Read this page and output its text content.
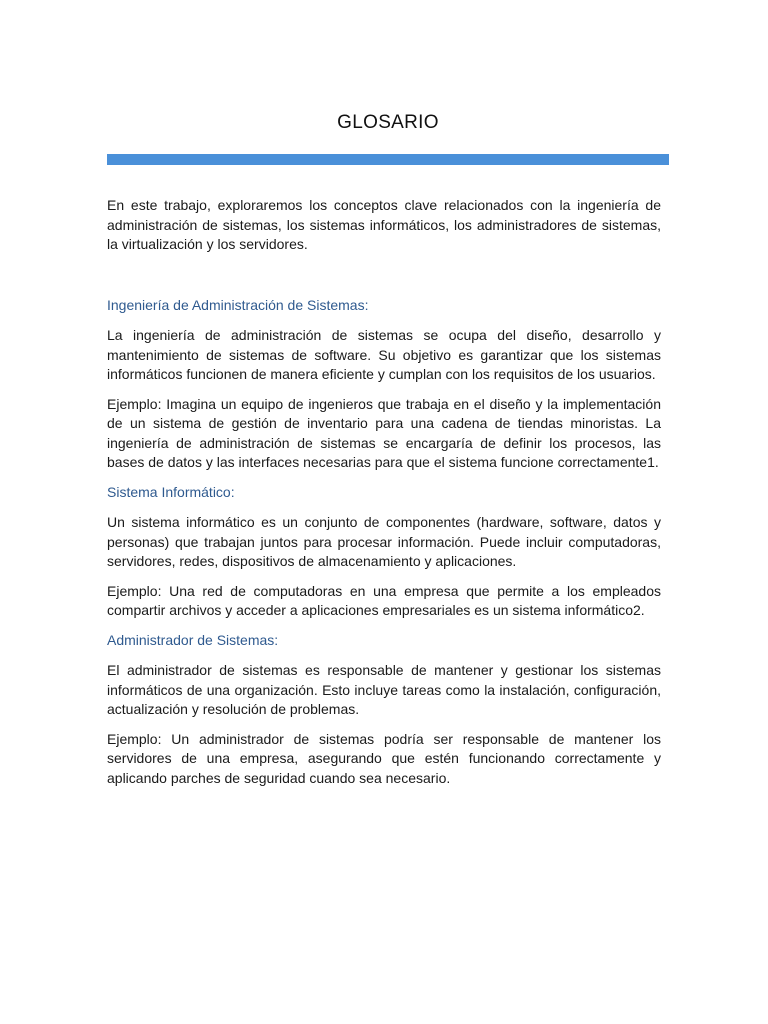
GLOSARIO

En este trabajo, exploraremos los conceptos clave relacionados con la ingeniería de administración de sistemas, los sistemas informáticos, los administradores de sistemas, la virtualización y los servidores.

Ingeniería de Administración de Sistemas:

La ingeniería de administración de sistemas se ocupa del diseño, desarrollo y mantenimiento de sistemas de software. Su objetivo es garantizar que los sistemas informáticos funcionen de manera eficiente y cumplan con los requisitos de los usuarios.

Ejemplo: Imagina un equipo de ingenieros que trabaja en el diseño y la implementación de un sistema de gestión de inventario para una cadena de tiendas minoristas. La ingeniería de administración de sistemas se encargaría de definir los procesos, las bases de datos y las interfaces necesarias para que el sistema funcione correctamente1.

Sistema Informático:

Un sistema informático es un conjunto de componentes (hardware, software, datos y personas) que trabajan juntos para procesar información. Puede incluir computadoras, servidores, redes, dispositivos de almacenamiento y aplicaciones.

Ejemplo: Una red de computadoras en una empresa que permite a los empleados compartir archivos y acceder a aplicaciones empresariales es un sistema informático2.

Administrador de Sistemas:

El administrador de sistemas es responsable de mantener y gestionar los sistemas informáticos de una organización. Esto incluye tareas como la instalación, configuración, actualización y resolución de problemas.

Ejemplo: Un administrador de sistemas podría ser responsable de mantener los servidores de una empresa, asegurando que estén funcionando correctamente y aplicando parches de seguridad cuando sea necesario.
